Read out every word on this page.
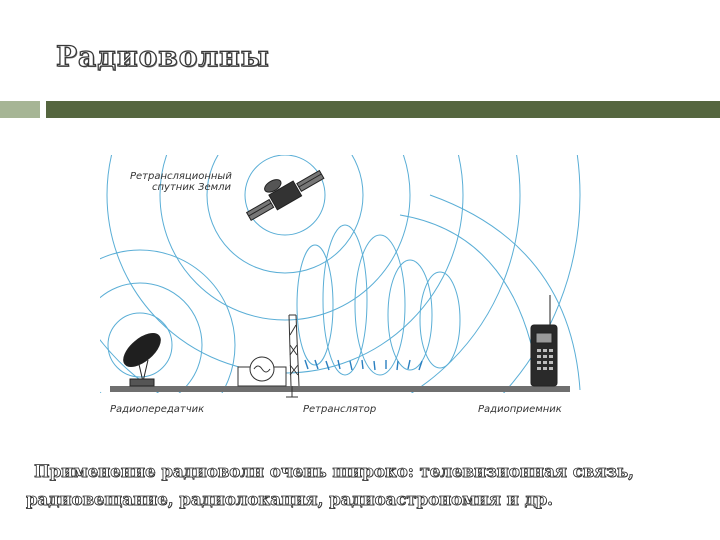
Радиоволны
Ретрансляционный
спутник Земли
Радиопередатчик	Ретранслятор	Радиоприемник
Применение радиоволн очень широко: телевизионная связь,
радиовещание, радиолокация, радиоастрономия и др.
